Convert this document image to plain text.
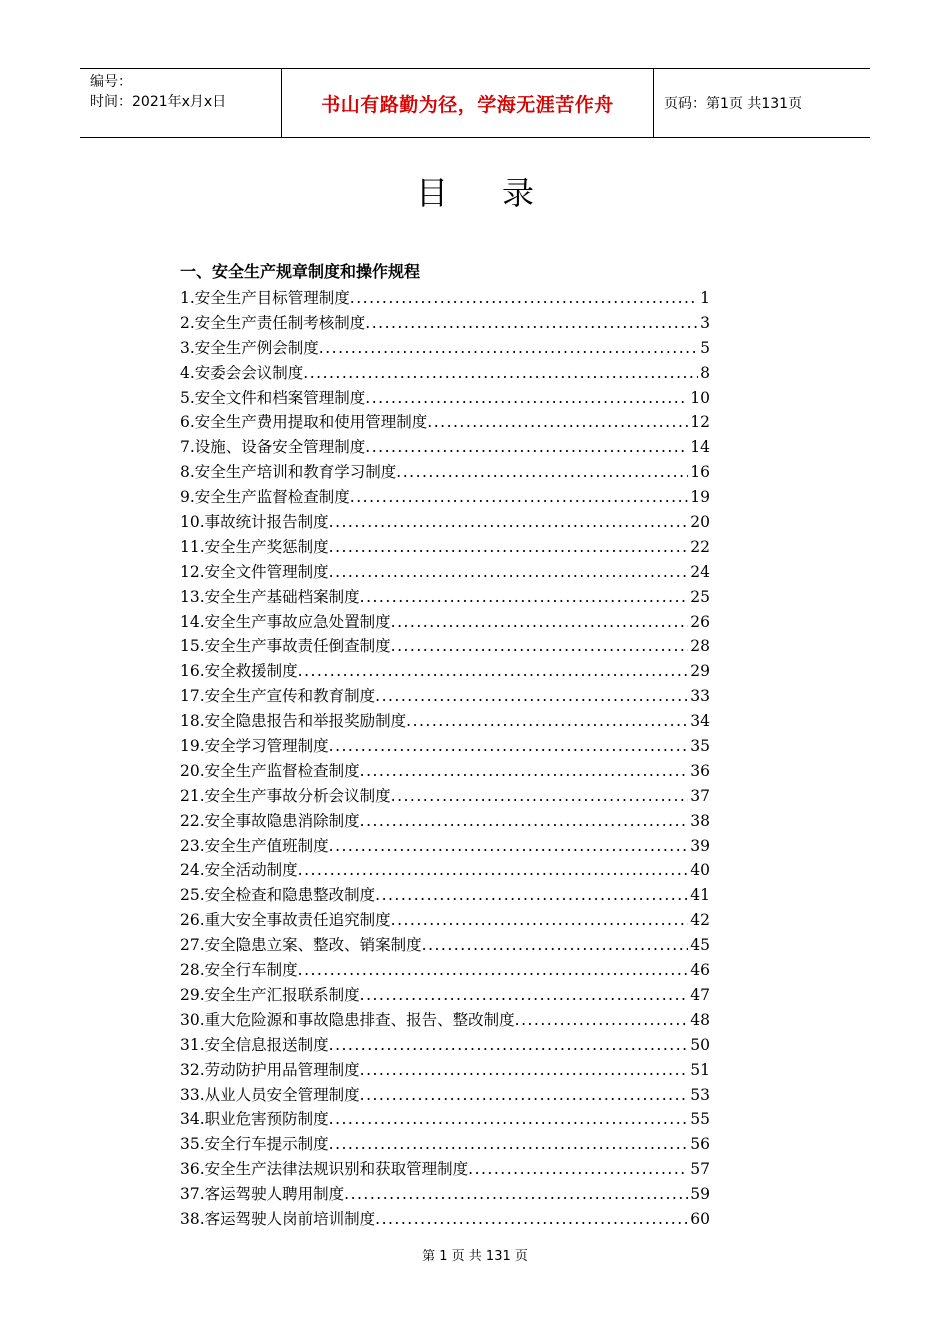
编号：
时间：2021年x月x日	书山有路勤为径，学海无涯苦作舟	页码：第1页 共131页
目录
一、安全生产规章制度和操作规程
1.安全生产目标管理制度 .....	1
2.安全生产责任制考核制度 .....	3
3.安全生产例会制度 .....	5
4.安委会会议制度 .....	8
5.安全文件和档案管理制度 .....	10
6.安全生产费用提取和使用管理制度 .....	12
7.设施、设备安全管理制度 .....	14
8.安全生产培训和教育学习制度 .....	16
9.安全生产监督检查制度 .....	19
10.事故统计报告制度 .....	20
11.安全生产奖惩制度 .....	22
12.安全文件管理制度 .....	24
13.安全生产基础档案制度 .....	25
14.安全生产事故应急处置制度 .....	26
15.安全生产事故责任倒查制度 .....	28
16.安全救援制度 .....	29
17.安全生产宣传和教育制度 .....	33
18.安全隐患报告和举报奖励制度 .....	34
19.安全学习管理制度 .....	35
20.安全生产监督检查制度 .....	36
21.安全生产事故分析会议制度 .....	37
22.安全事故隐患消除制度 .....	38
23.安全生产值班制度 .....	39
24.安全活动制度 .....	40
25.安全检查和隐患整改制度 .....	41
26.重大安全事故责任追究制度 .....	42
27.安全隐患立案、整改、销案制度 .....	45
28.安全行车制度 .....	46
29.安全生产汇报联系制度 .....	47
30.重大危险源和事故隐患排查、报告、整改制度 .....	48
31.安全信息报送制度 .....	50
32.劳动防护用品管理制度 .....	51
33.从业人员安全管理制度 .....	53
34.职业危害预防制度 .....	55
35.安全行车提示制度 .....	56
36.安全生产法律法规识别和获取管理制度 .....	57
37.客运驾驶人聘用制度 .....	59
38.客运驾驶人岗前培训制度 .....	60
第 1 页 共 131 页
